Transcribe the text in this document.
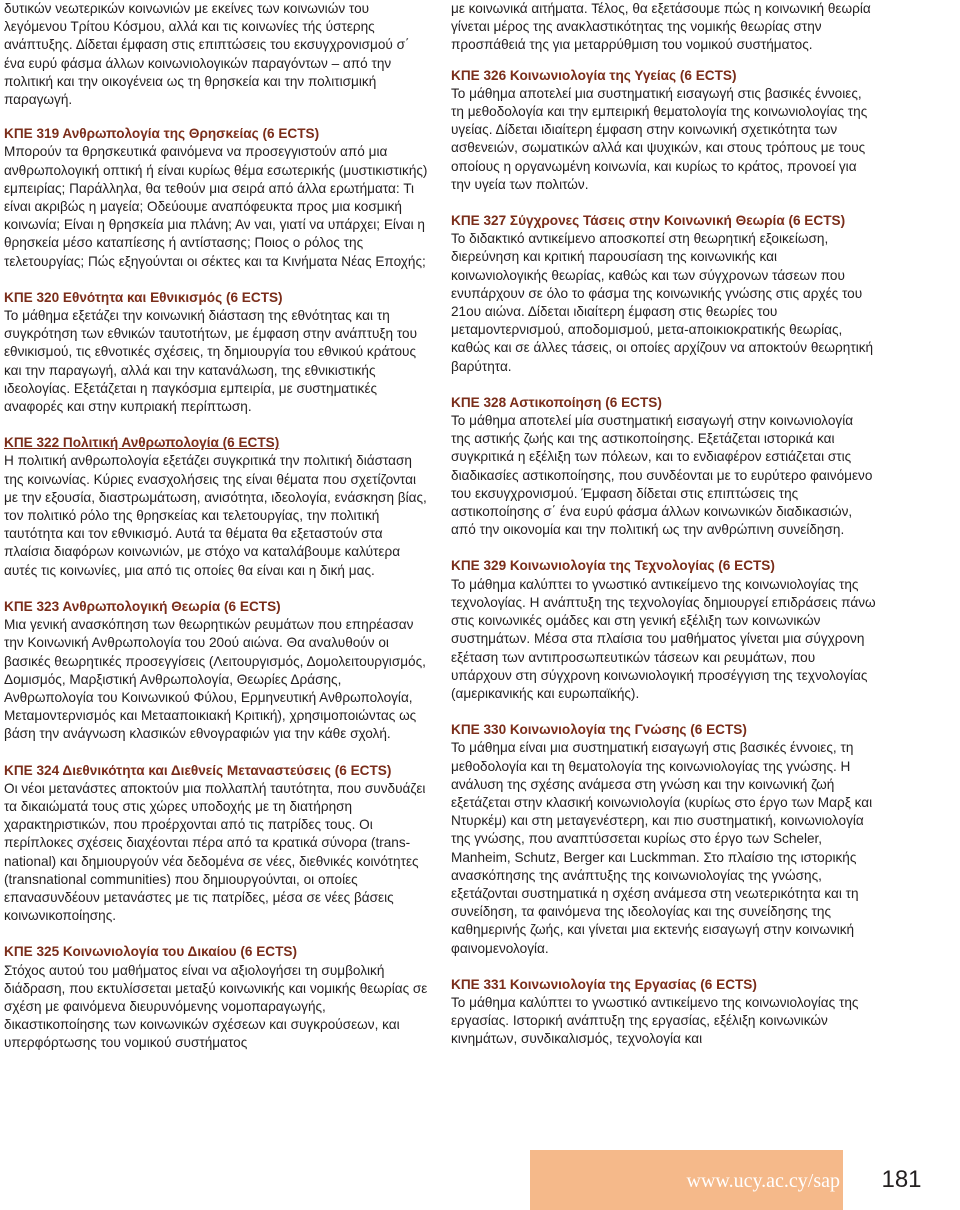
δυτικών νεωτερικών κοινωνιών με εκείνες των κοινωνιών του λεγόμενου Τρίτου Κόσμου, αλλά και τις κοινωνίες τής ύστερης ανάπτυξης. Δίδεται έμφαση στις επιπτώσεις του εκσυγχρονισμού σ΄ ένα ευρύ φάσμα άλλων κοινωνιολογικών παραγόντων – από την πολιτική και την οικογένεια ως τη θρησκεία και την πολιτισμική παραγωγή.

ΚΠΕ 319 Ανθρωπολογία της Θρησκείας (6 ECTS)

Μπορούν τα θρησκευτικά φαινόμενα να προσεγγιστούν από μια ανθρωπολογική οπτική ή είναι κυρίως θέμα εσωτερικής (μυστικιστικής) εμπειρίας; Παράλληλα, θα τεθούν μια σειρά από άλλα ερωτήματα: Τι είναι ακριβώς η μαγεία; Οδεύουμε αναπόφευκτα προς μια κοσμική κοινωνία; Είναι η θρησκεία μια πλάνη; Αν ναι, γιατί να υπάρχει; Είναι η θρησκεία μέσο καταπίεσης ή αντίστασης; Ποιος ο ρόλος της τελετουργίας; Πώς εξηγούνται οι σέκτες και τα Κινήματα Νέας Εποχής;

ΚΠΕ 320 Εθνότητα και Εθνικισμός (6 ECTS)

Το μάθημα εξετάζει την κοινωνική διάσταση της εθνότητας και τη συγκρότηση των εθνικών ταυτοτήτων, με έμφαση στην ανάπτυξη του εθνικισμού, τις εθνοτικές σχέσεις, τη δημιουργία του εθνικού κράτους και την παραγωγή, αλλά και την κατανάλωση, της εθνικιστικής ιδεολογίας. Εξετάζεται η παγκόσμια εμπειρία, με συστηματικές αναφορές και στην κυπριακή περίπτωση.

ΚΠΕ 322 Πολιτική Ανθρωπολογία (6 ECTS)

Η πολιτική ανθρωπολογία εξετάζει συγκριτικά την πολιτική διάσταση της κοινωνίας. Κύριες ενασχολήσεις της είναι θέματα που σχετίζονται με την εξουσία, διαστρωμάτωση, ανισότητα, ιδεολογία, ενάσκηση βίας, τον πολιτικό ρόλο της θρησκείας και τελετουργίας, την πολιτική ταυτότητα και τον εθνικισμό. Αυτά τα θέματα θα εξεταστούν στα πλαίσια διαφόρων κοινωνιών, με στόχο να καταλάβουμε καλύτερα αυτές τις κοινωνίες, μια από τις οποίες θα είναι και η δική μας.

ΚΠΕ 323 Ανθρωπολογική Θεωρία (6 ECTS)

Μια γενική ανασκόπηση των θεωρητικών ρευμάτων που επηρέασαν την Κοινωνική Ανθρωπολογία του 20ού αιώνα. Θα αναλυθούν οι βασικές θεωρητικές προσεγγίσεις (Λειτουργισμός, Δομολειτουργισμός, Δομισμός, Μαρξιστική Ανθρωπολογία, Θεωρίες Δράσης, Ανθρωπολογία του Κοινωνικού Φύλου, Ερμηνευτική Ανθρωπολογία, Μεταμοντερνισμός και Μετααποικιακή Κριτική), χρησιμοποιώντας ως βάση την ανάγνωση κλασικών εθνογραφιών για την κάθε σχολή.

ΚΠΕ 324 Διεθνικότητα και Διεθνείς Μεταναστεύσεις (6 ECTS)

Οι νέοι μετανάστες αποκτούν μια πολλαπλή ταυτότητα, που συνδυάζει τα δικαιώματά τους στις χώρες υποδοχής με τη διατήρηση χαρακτηριστικών, που προέρχονται από τις πατρίδες τους. Οι περίπλοκες σχέσεις διαχέονται πέρα από τα κρατικά σύνορα (trans-national) και δημιουργούν νέα δεδομένα σε νέες, διεθνικές κοινότητες (transnational communities) που δημιουργούνται, οι οποίες επανασυνδέουν μετανάστες με τις πατρίδες, μέσα σε νέες βάσεις κοινωνικοποίησης.

ΚΠΕ 325 Κοινωνιολογία του Δικαίου (6 ECTS)

Στόχος αυτού του μαθήματος είναι να αξιολογήσει τη συμβολική διάδραση, που εκτυλίσσεται μεταξύ κοινωνικής και νομικής θεωρίας σε σχέση με φαινόμενα διευρυνόμενης νομοπαραγωγής, δικαστικοποίησης των κοινωνικών σχέσεων και συγκρούσεων, και υπερφόρτωσης του νομικού συστήματος

με κοινωνικά αιτήματα. Τέλος, θα εξετάσουμε πώς η κοινωνική θεωρία γίνεται μέρος της ανακλαστικότητας της νομικής θεωρίας στην προσπάθειά της για μεταρρύθμιση του νομικού συστήματος.

ΚΠΕ 326 Κοινωνιολογία της Υγείας (6 ECTS)

Το μάθημα αποτελεί μια συστηματική εισαγωγή στις βασικές έννοιες, τη μεθοδολογία και την εμπειρική θεματολογία της κοινωνιολογίας της υγείας. Δίδεται ιδιαίτερη έμφαση στην κοινωνική σχετικότητα των ασθενειών, σωματικών αλλά και ψυχικών, και στους τρόπους με τους οποίους η οργανωμένη κοινωνία, και κυρίως το κράτος, προνοεί για την υγεία των πολιτών.

ΚΠΕ 327 Σύγχρονες Τάσεις στην Κοινωνική Θεωρία (6 ECTS)

Το διδακτικό αντικείμενο αποσκοπεί στη θεωρητική εξοικείωση, διερεύνηση και κριτική παρουσίαση της κοινωνικής και κοινωνιολογικής θεωρίας, καθώς και των σύγχρονων τάσεων που ενυπάρχουν σε όλο το φάσμα της κοινωνικής γνώσης στις αρχές του 21ου αιώνα. Δίδεται ιδιαίτερη έμφαση στις θεωρίες του μεταμοντερνισμού, αποδομισμού, μετα-αποικιοκρατικής θεωρίας, καθώς και σε άλλες τάσεις, οι οποίες αρχίζουν να αποκτούν θεωρητική βαρύτητα.

ΚΠΕ 328 Αστικοποίηση (6 ECTS)

Το μάθημα αποτελεί μία συστηματική εισαγωγή στην κοινωνιολογία της αστικής ζωής και της αστικοποίησης. Εξετάζεται ιστορικά και συγκριτικά η εξέλιξη των πόλεων, και το ενδιαφέρον εστιάζεται στις διαδικασίες αστικοποίησης, που συνδέονται με το ευρύτερο φαινόμενο του εκσυγχρονισμού. Έμφαση δίδεται στις επιπτώσεις της αστικοποίησης σ΄ ένα ευρύ φάσμα άλλων κοινωνικών διαδικασιών, από την οικονομία και την πολιτική ως την ανθρώπινη συνείδηση.

ΚΠΕ 329 Κοινωνιολογία της Τεχνολογίας (6 ECTS)

Το μάθημα καλύπτει το γνωστικό αντικείμενο της κοινωνιολογίας της τεχνολογίας. Η ανάπτυξη της τεχνολογίας δημιουργεί επιδράσεις πάνω στις κοινωνικές ομάδες και στη γενική εξέλιξη των κοινωνικών συστημάτων. Μέσα στα πλαίσια του μαθήματος γίνεται μια σύγχρονη εξέταση των αντιπροσωπευτικών τάσεων και ρευμάτων, που υπάρχουν στη σύγχρονη κοινωνιολογική προσέγγιση της τεχνολογίας (αμερικανικής και ευρωπαϊκής).

ΚΠΕ 330 Κοινωνιολογία της Γνώσης (6 ECTS)

Το μάθημα είναι μια συστηματική εισαγωγή στις βασικές έννοιες, τη μεθοδολογία και τη θεματολογία της κοινωνιολογίας της γνώσης. Η ανάλυση της σχέσης ανάμεσα στη γνώση και την κοινωνική ζωή εξετάζεται στην κλασική κοινωνιολογία (κυρίως στο έργο των Μαρξ και Ντυρκέμ) και στη μεταγενέστερη, και πιο συστηματική, κοινωνιολογία της γνώσης, που αναπτύσσεται κυρίως στο έργο των Scheler, Manheim, Schutz, Berger και Luckmman. Στο πλαίσιο της ιστορικής ανασκόπησης της ανάπτυξης της κοινωνιολογίας της γνώσης, εξετάζονται συστηματικά η σχέση ανάμεσα στη νεωτερικότητα και τη συνείδηση, τα φαινόμενα της ιδεολογίας και της συνείδησης της καθημερινής ζωής, και γίνεται μια εκτενής εισαγωγή στην κοινωνική φαινομενολογία.

ΚΠΕ 331 Κοινωνιολογία της Εργασίας (6 ECTS)

Το μάθημα καλύπτει το γνωστικό αντικείμενο της κοινωνιολογίας της εργασίας. Ιστορική ανάπτυξη της εργασίας, εξέλιξη κοινωνικών κινημάτων, συνδικαλισμός, τεχνολογία και

www.ucy.ac.cy/sap	181
